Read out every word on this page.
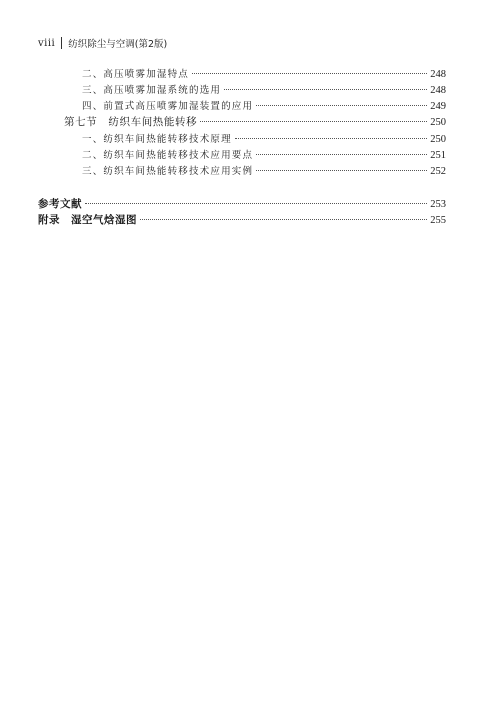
viii 纺织除尘与空调(第2版)
二、高压喷雾加湿特点	248
三、高压喷雾加湿系统的选用	248
四、前置式高压喷雾加湿装置的应用	249
第七节　纺织车间热能转移	250
一、纺织车间热能转移技术原理	250
二、纺织车间热能转移技术应用要点	251
三、纺织车间热能转移技术应用实例	252
参考文献	253
附录　湿空气焓湿图	255
